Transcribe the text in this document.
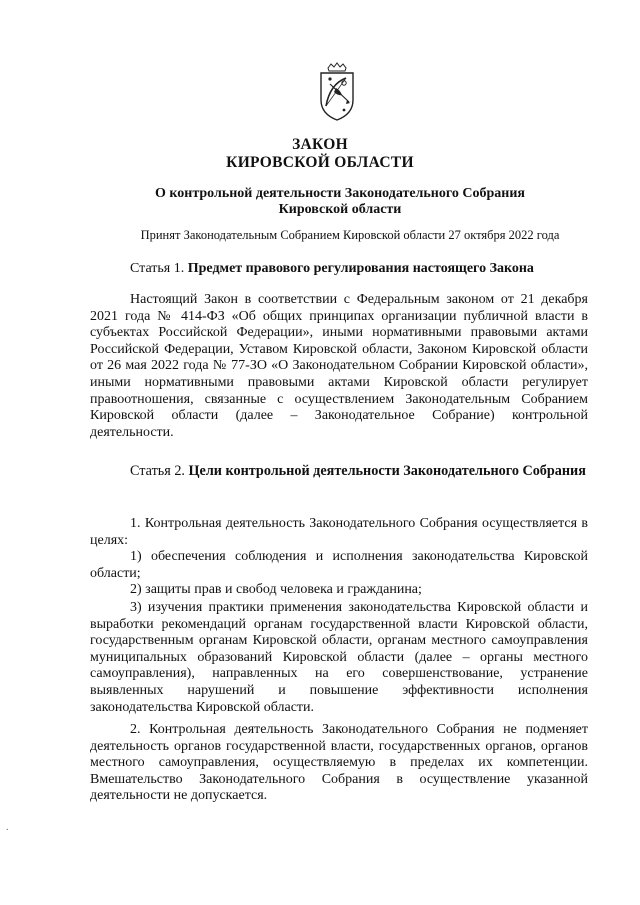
ЗАКОН
КИРОВСКОЙ ОБЛАСТИ
О контрольной деятельности Законодательного Собрания
Кировской области
Принят Законодательным Собранием Кировской области 27 октября 2022 года
Статья 1. Предмет правового регулирования настоящего Закона
Настоящий Закон в соответствии с Федеральным законом от 21 декабря 2021 года № 414-ФЗ «Об общих принципах организации публичной власти в субъектах Российской Федерации», иными нормативными правовыми актами Российской Федерации, Уставом Кировской области, Законом Кировской области от 26 мая 2022 года № 77-ЗО «О Законодательном Собрании Кировской области», иными нормативными правовыми актами Кировской области регулирует правоотношения, связанные с осуществлением Законодательным Собранием Кировской области (далее – Законодательное Собрание) контрольной деятельности.
Статья 2. Цели контрольной деятельности Законодательного Собрания
1. Контрольная деятельность Законодательного Собрания осуществляется в целях:
1) обеспечения соблюдения и исполнения законодательства Кировской области;
2) защиты прав и свобод человека и гражданина;
3) изучения практики применения законодательства Кировской области и выработки рекомендаций органам государственной власти Кировской области, государственным органам Кировской области, органам местного самоуправления муниципальных образований Кировской области (далее – органы местного самоуправления), направленных на его совершенствование, устранение выявленных нарушений и повышение эффективности исполнения законодательства Кировской области.
2. Контрольная деятельность Законодательного Собрания не подменяет деятельность органов государственной власти, государственных органов, органов местного самоуправления, осуществляемую в пределах их компетенции. Вмешательство Законодательного Собрания в осуществление указанной деятельности не допускается.
.
